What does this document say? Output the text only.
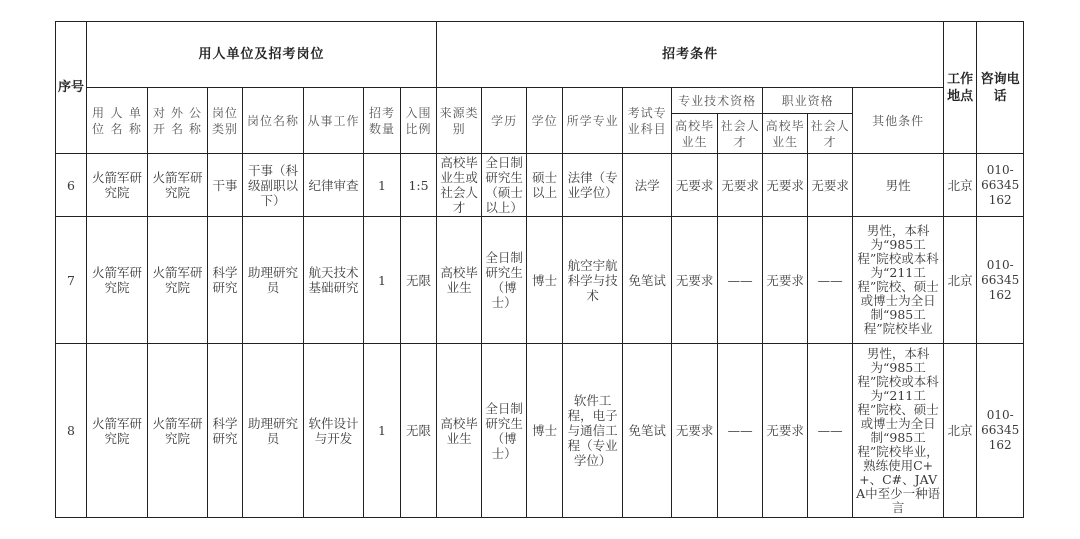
序号	用人单位及招考岗位							招考条件										工作地点	咨询电话
	用人单位名称	对外公开名称	岗位类别	岗位名称	从事工作	招考数量	入围比例	来源类别	学历	学位	所学专业	考试专业科目	专业技术资格		职业资格		其他条件		
													高校毕业生	社会人才	高校毕业生	社会人才			
6	火箭军研究院	火箭军研究院	干事	干事（科级副职以下）	纪律审查	1	1:5	高校毕业生或社会人才	全日制研究生（硕士以上）	硕士以上	法律（专业学位）	法学	无要求	无要求	无要求	无要求	男性	北京	010-66345162
7	火箭军研究院	火箭军研究院	科学研究	助理研究员	航天技术基础研究	1	无限	高校毕业生	全日制研究生（博士）	博士	航空宇航科学与技术	免笔试	无要求	——	无要求	——	男性，本科为“985工程”院校或本科为“211工程”院校、硕士或博士为全日制“985工程”院校毕业	北京	010-66345162
8	火箭军研究院	火箭军研究院	科学研究	助理研究员	软件设计与开发	1	无限	高校毕业生	全日制研究生（博士）	博士	软件工程，电子与通信工程（专业学位）	免笔试	无要求	——	无要求	——	男性，本科为“985工程”院校或本科为“211工程”院校、硕士或博士为全日制“985工程”院校毕业，熟练使用C++、C#、JAVA中至少一种语言	北京	010-66345162
